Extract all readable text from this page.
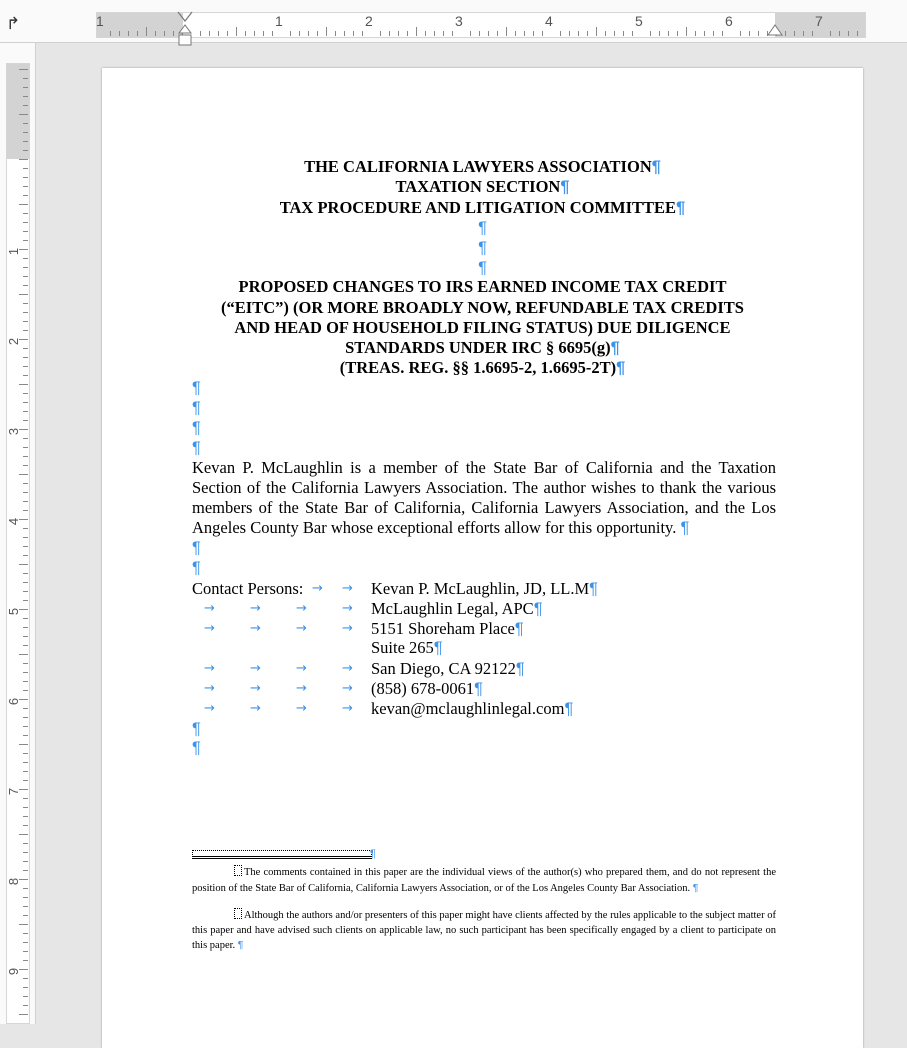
↱	1	1	2	3	4	5	6	7
1
2
3
4
5
6
7
8
9
THE CALIFORNIA LAWYERS ASSOCIATION¶
TAXATION SECTION¶
TAX PROCEDURE AND LITIGATION COMMITTEE¶
¶
¶
¶
PROPOSED CHANGES TO IRS EARNED INCOME TAX CREDIT
(“EITC”) (OR MORE BROADLY NOW, REFUNDABLE TAX CREDITS
AND HEAD OF HOUSEHOLD FILING STATUS) DUE DILIGENCE
STANDARDS UNDER IRC § 6695(g)¶
(TREAS. REG. §§ 1.6695-2, 1.6695-2T)¶
¶
¶
¶
¶
Kevan P. McLaughlin is a member of the State Bar of California and the Taxation Section of the California Lawyers Association. The author wishes to thank the various members of the State Bar of California, California Lawyers Association, and the Los Angeles County Bar whose exceptional efforts allow for this opportunity. ¶
¶
¶
Contact Persons: → → Kevan P. McLaughlin, JD, LL.M¶
→	→	→	→ McLaughlin Legal, APC¶
→	→	→	→ 5151 Shoreham Place¶
Suite 265¶
→	→	→	→ San Diego, CA 92122¶
→	→	→	→ (858) 678-0061¶
→	→	→	→ kevan@mclaughlinlegal.com¶
¶
¶
¶
The comments contained in this paper are the individual views of the author(s) who prepared them, and do not represent the position of the State Bar of California, California Lawyers Association, or of the Los Angeles County Bar Association. ¶
Although the authors and/or presenters of this paper might have clients affected by the rules applicable to the subject matter of this paper and have advised such clients on applicable law, no such participant has been specifically engaged by a client to participate on this paper. ¶
